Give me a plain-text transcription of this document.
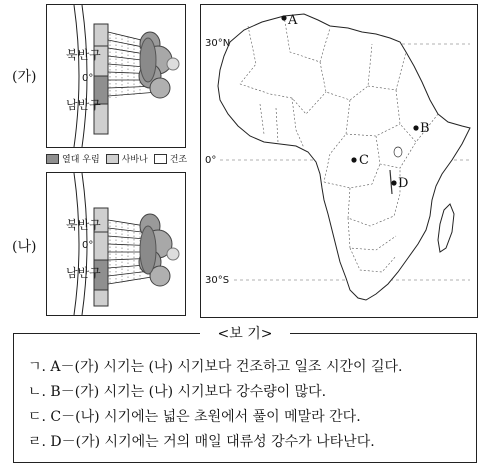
(가)
북반구
0°
남반구
열대 우림 사바나 건조
(나)
북반구
0°
남반구
A
B
C
D
30°N
0°
30°S
<보 기>
ㄱ. A－(가) 시기는 (나) 시기보다 건조하고 일조 시간이 길다.
ㄴ. B－(가) 시기는 (나) 시기보다 강수량이 많다.
ㄷ. C－(나) 시기에는 넓은 초원에서 풀이 메말라 간다.
ㄹ. D－(가) 시기에는 거의 매일 대류성 강수가 나타난다.
